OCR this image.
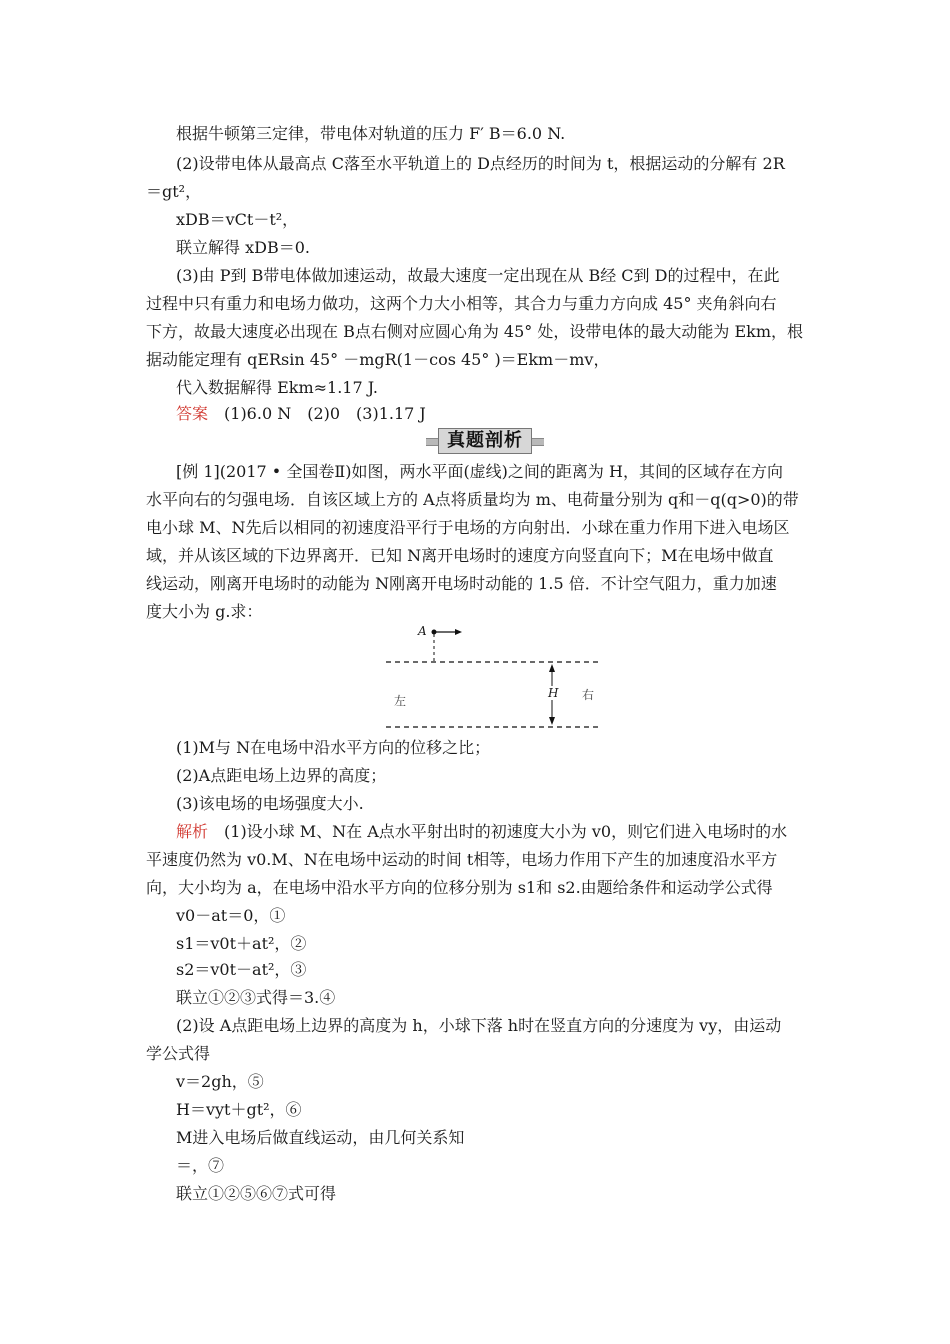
根据牛顿第三定律，带电体对轨道的压力 F′ B＝6.0 N.
(2)设带电体从最高点 C落至水平轨道上的 D点经历的时间为 t，根据运动的分解有 2R
＝gt²，
xDB＝vCt－t²，
联立解得 xDB＝0.
(3)由 P到 B带电体做加速运动，故最大速度一定出现在从 B经 C到 D的过程中，在此
过程中只有重力和电场力做功，这两个力大小相等，其合力与重力方向成 45° 夹角斜向右
下方，故最大速度必出现在 B点右侧对应圆心角为 45° 处，设带电体的最大动能为 Ekm，根
据动能定理有 qERsin 45° －mgR(1－cos 45° )＝Ekm－mv，
代入数据解得 Ekm≈1.17 J.
答案　(1)6.0 N　(2)0　(3)1.17 J
真题剖析
[例 1](2017 • 全国卷Ⅱ)如图，两水平面(虚线)之间的距离为 H，其间的区域存在方向
水平向右的匀强电场．自该区域上方的 A点将质量均为 m、电荷量分别为 q和－q(q>0)的带
电小球 M、N先后以相同的初速度沿平行于电场的方向射出．小球在重力作用下进入电场区
域，并从该区域的下边界离开．已知 N离开电场时的速度方向竖直向下；M在电场中做直
线运动，刚离开电场时的动能为 N刚离开电场时动能的 1.5 倍．不计空气阻力，重力加速
度大小为 g.求：
A
H
左	右
(1)M与 N在电场中沿水平方向的位移之比；
(2)A点距电场上边界的高度；
(3)该电场的电场强度大小.
解析　(1)设小球 M、N在 A点水平射出时的初速度大小为 v0，则它们进入电场时的水
平速度仍然为 v0.M、N在电场中运动的时间 t相等，电场力作用下产生的加速度沿水平方
向，大小均为 a，在电场中沿水平方向的位移分别为 s1和 s2.由题给条件和运动学公式得
v0－at＝0，①
s1＝v0t＋at²，②
s2＝v0t－at²，③
联立①②③式得＝3.④
(2)设 A点距电场上边界的高度为 h，小球下落 h时在竖直方向的分速度为 vy，由运动
学公式得
v＝2gh，⑤
H＝vyt＋gt²，⑥
M进入电场后做直线运动，由几何关系知
＝，⑦
联立①②⑤⑥⑦式可得
